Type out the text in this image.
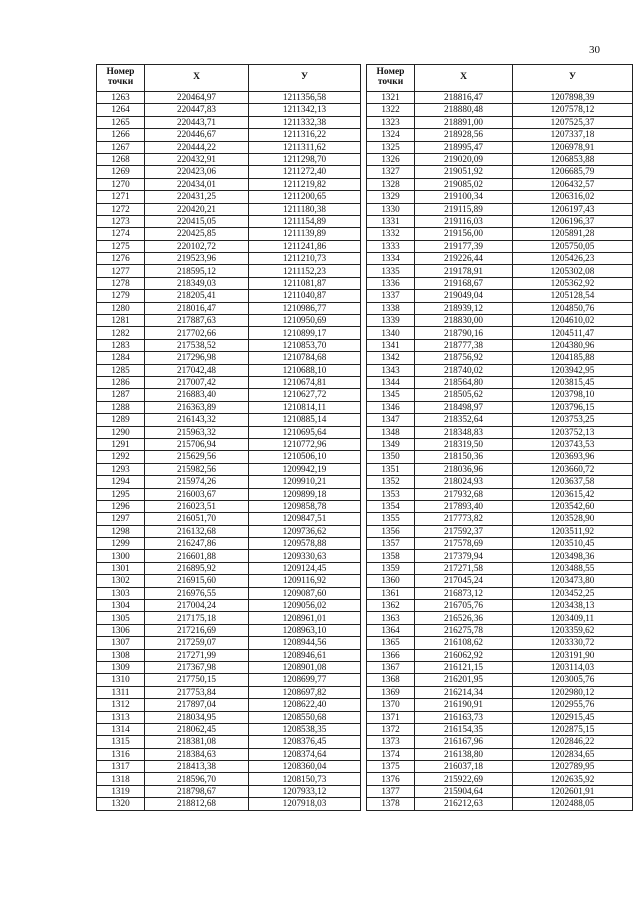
30
Номер
точки	X	У
1263	220464,97	1211356,58
1264	220447,83	1211342,13
1265	220443,71	1211332,38
1266	220446,67	1211316,22
1267	220444,22	1211311,62
1268	220432,91	1211298,70
1269	220423,06	1211272,40
1270	220434,01	1211219,82
1271	220431,25	1211200,65
1272	220420,21	1211180,38
1273	220415,05	1211154,89
1274	220425,85	1211139,89
1275	220102,72	1211241,86
1276	219523,96	1211210,73
1277	218595,12	1211152,23
1278	218349,03	1211081,87
1279	218205,41	1211040,87
1280	218016,47	1210986,77
1281	217887,63	1210950,69
1282	217702,66	1210899,17
1283	217538,52	1210853,70
1284	217296,98	1210784,68
1285	217042,48	1210688,10
1286	217007,42	1210674,81
1287	216883,40	1210627,72
1288	216363,89	1210814,11
1289	216143,32	1210885,14
1290	215963,32	1210695,64
1291	215706,94	1210772,96
1292	215629,56	1210506,10
1293	215982,56	1209942,19
1294	215974,26	1209910,21
1295	216003,67	1209899,18
1296	216023,51	1209858,78
1297	216051,70	1209847,51
1298	216132,68	1209736,62
1299	216247,86	1209578,88
1300	216601,88	1209330,63
1301	216895,92	1209124,45
1302	216915,60	1209116,92
1303	216976,55	1209087,60
1304	217004,24	1209056,02
1305	217175,18	1208961,01
1306	217216,69	1208963,10
1307	217259,07	1208944,56
1308	217271,99	1208946,61
1309	217367,98	1208901,08
1310	217750,15	1208699,77
1311	217753,84	1208697,82
1312	217897,04	1208622,40
1313	218034,95	1208550,68
1314	218062,45	1208538,35
1315	218381,08	1208376,45
1316	218384,63	1208374,64
1317	218413,38	1208360,04
1318	218596,70	1208150,73
1319	218798,67	1207933,12
1320	218812,68	1207918,03
Номер
точки	X	У
1321	218816,47	1207898,39
1322	218880,48	1207578,12
1323	218891,00	1207525,37
1324	218928,56	1207337,18
1325	218995,47	1206978,91
1326	219020,09	1206853,88
1327	219051,92	1206685,79
1328	219085,02	1206432,57
1329	219100,34	1206316,02
1330	219115,89	1206197,43
1331	219116,03	1206196,37
1332	219156,00	1205891,28
1333	219177,39	1205750,05
1334	219226,44	1205426,23
1335	219178,91	1205302,08
1336	219168,67	1205362,92
1337	219049,04	1205128,54
1338	218939,12	1204850,76
1339	218830,00	1204610,02
1340	218790,16	1204511,47
1341	218777,38	1204380,96
1342	218756,92	1204185,88
1343	218740,02	1203942,95
1344	218564,80	1203815,45
1345	218505,62	1203798,10
1346	218498,97	1203796,15
1347	218352,64	1203753,25
1348	218348,83	1203752,13
1349	218319,50	1203743,53
1350	218150,36	1203693,96
1351	218036,96	1203660,72
1352	218024,93	1203637,58
1353	217932,68	1203615,42
1354	217893,40	1203542,60
1355	217773,82	1203528,90
1356	217592,37	1203511,92
1357	217578,69	1203510,45
1358	217379,94	1203498,36
1359	217271,58	1203488,55
1360	217045,24	1203473,80
1361	216873,12	1203452,25
1362	216705,76	1203438,13
1363	216526,36	1203409,11
1364	216275,78	1203359,62
1365	216108,62	1203330,72
1366	216062,92	1203191,90
1367	216121,15	1203114,03
1368	216201,95	1203005,76
1369	216214,34	1202980,12
1370	216190,91	1202955,76
1371	216163,73	1202915,45
1372	216154,35	1202875,15
1373	216167,96	1202846,22
1374	216138,80	1202834,65
1375	216037,18	1202789,95
1376	215922,69	1202635,92
1377	215904,64	1202601,91
1378	216212,63	1202488,05
